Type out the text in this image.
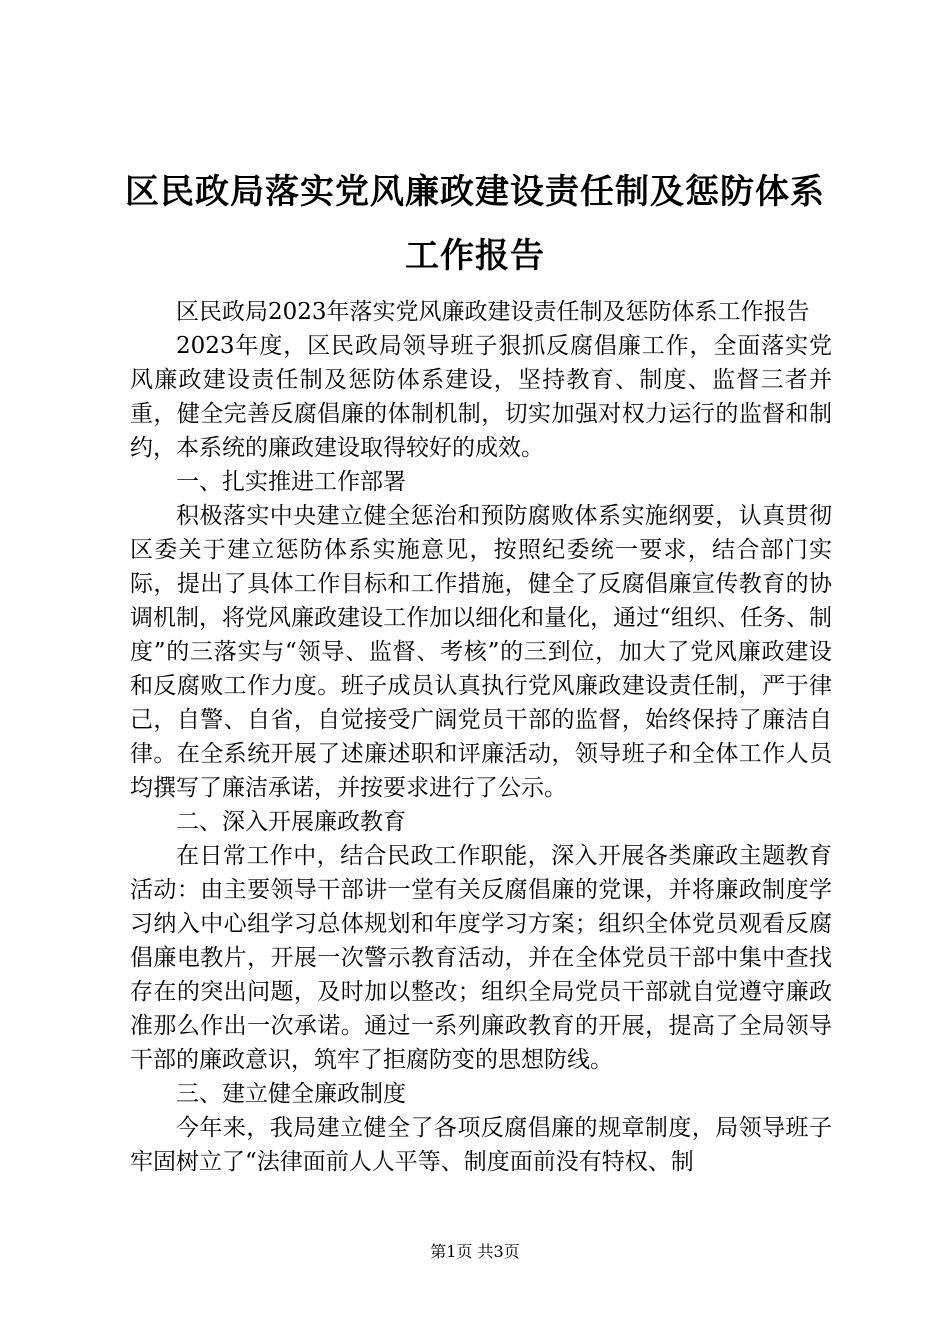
区民政局落实党风廉政建设责任制及惩防体系工作报告

区民政局2023年落实党风廉政建设责任制及惩防体系工作报告

2023年度，区民政局领导班子狠抓反腐倡廉工作，全面落实党风廉政建设责任制及惩防体系建设，坚持教育、制度、监督三者并重，健全完善反腐倡廉的体制机制，切实加强对权力运行的监督和制约，本系统的廉政建设取得较好的成效。

一、扎实推进工作部署

积极落实中央建立健全惩治和预防腐败体系实施纲要，认真贯彻区委关于建立惩防体系实施意见，按照纪委统一要求，结合部门实际，提出了具体工作目标和工作措施，健全了反腐倡廉宣传教育的协调机制，将党风廉政建设工作加以细化和量化，通过“组织、任务、制度”的三落实与“领导、监督、考核”的三到位，加大了党风廉政建设和反腐败工作力度。班子成员认真执行党风廉政建设责任制，严于律己，自警、自省，自觉接受广阔党员干部的监督，始终保持了廉洁自律。在全系统开展了述廉述职和评廉活动，领导班子和全体工作人员均撰写了廉洁承诺，并按要求进行了公示。

二、深入开展廉政教育

在日常工作中，结合民政工作职能，深入开展各类廉政主题教育活动：由主要领导干部讲一堂有关反腐倡廉的党课，并将廉政制度学习纳入中心组学习总体规划和年度学习方案；组织全体党员观看反腐倡廉电教片，开展一次警示教育活动，并在全体党员干部中集中查找存在的突出问题，及时加以整改；组织全局党员干部就自觉遵守廉政准那么作出一次承诺。通过一系列廉政教育的开展，提高了全局领导干部的廉政意识，筑牢了拒腐防变的思想防线。

三、建立健全廉政制度

今年来，我局建立健全了各项反腐倡廉的规章制度，局领导班子牢固树立了“法律面前人人平等、制度面前没有特权、制

第1页 共3页
